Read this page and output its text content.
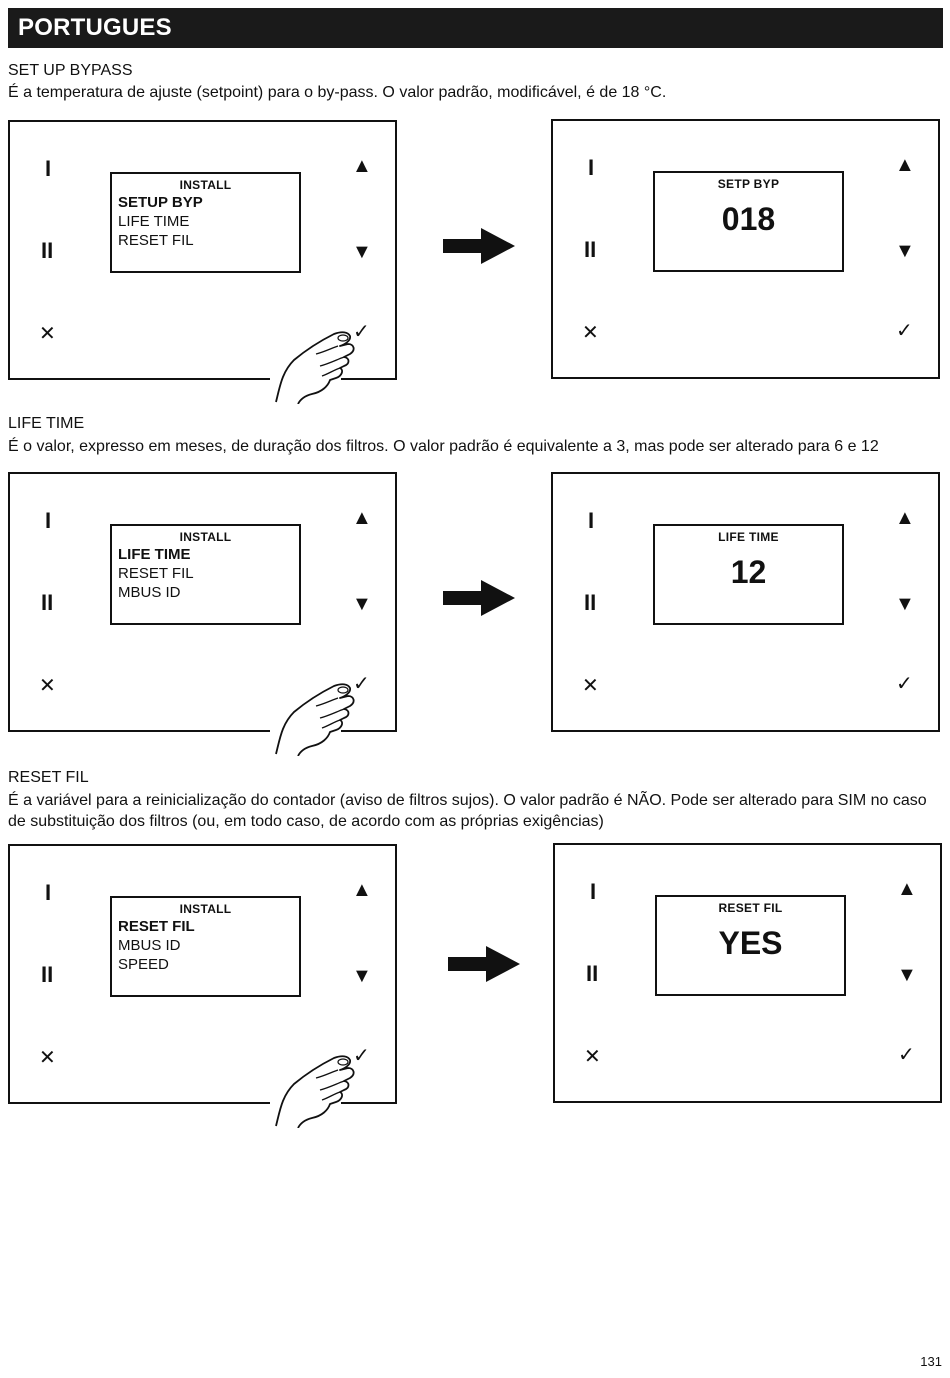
PORTUGUES
SET UP BYPASS
É a temperatura de ajuste (setpoint) para o by-pass. O valor padrão, modificável, é de 18 °C.
I
II
✕
▲
▼
✓
INSTALL
SETUP BYP
LIFE TIME
RESET FIL
I
II
✕
▲
▼
✓
SETP BYP
018
LIFE TIME
É o valor, expresso em meses, de duração dos filtros. O valor padrão é equivalente a 3, mas pode ser alterado para 6 e 12
I
II
✕
▲
▼
✓
INSTALL
LIFE TIME
RESET FIL
MBUS ID
I
II
✕
▲
▼
✓
LIFE TIME
12
RESET FIL
É a variável para a reinicialização do contador (aviso de filtros sujos). O valor padrão é NÃO. Pode ser alterado para SIM no caso de substituição dos filtros (ou, em todo caso, de acordo com as próprias exigências)
I
II
✕
▲
▼
✓
INSTALL
RESET FIL
MBUS ID
SPEED
I
II
✕
▲
▼
✓
RESET FIL
YES
131
